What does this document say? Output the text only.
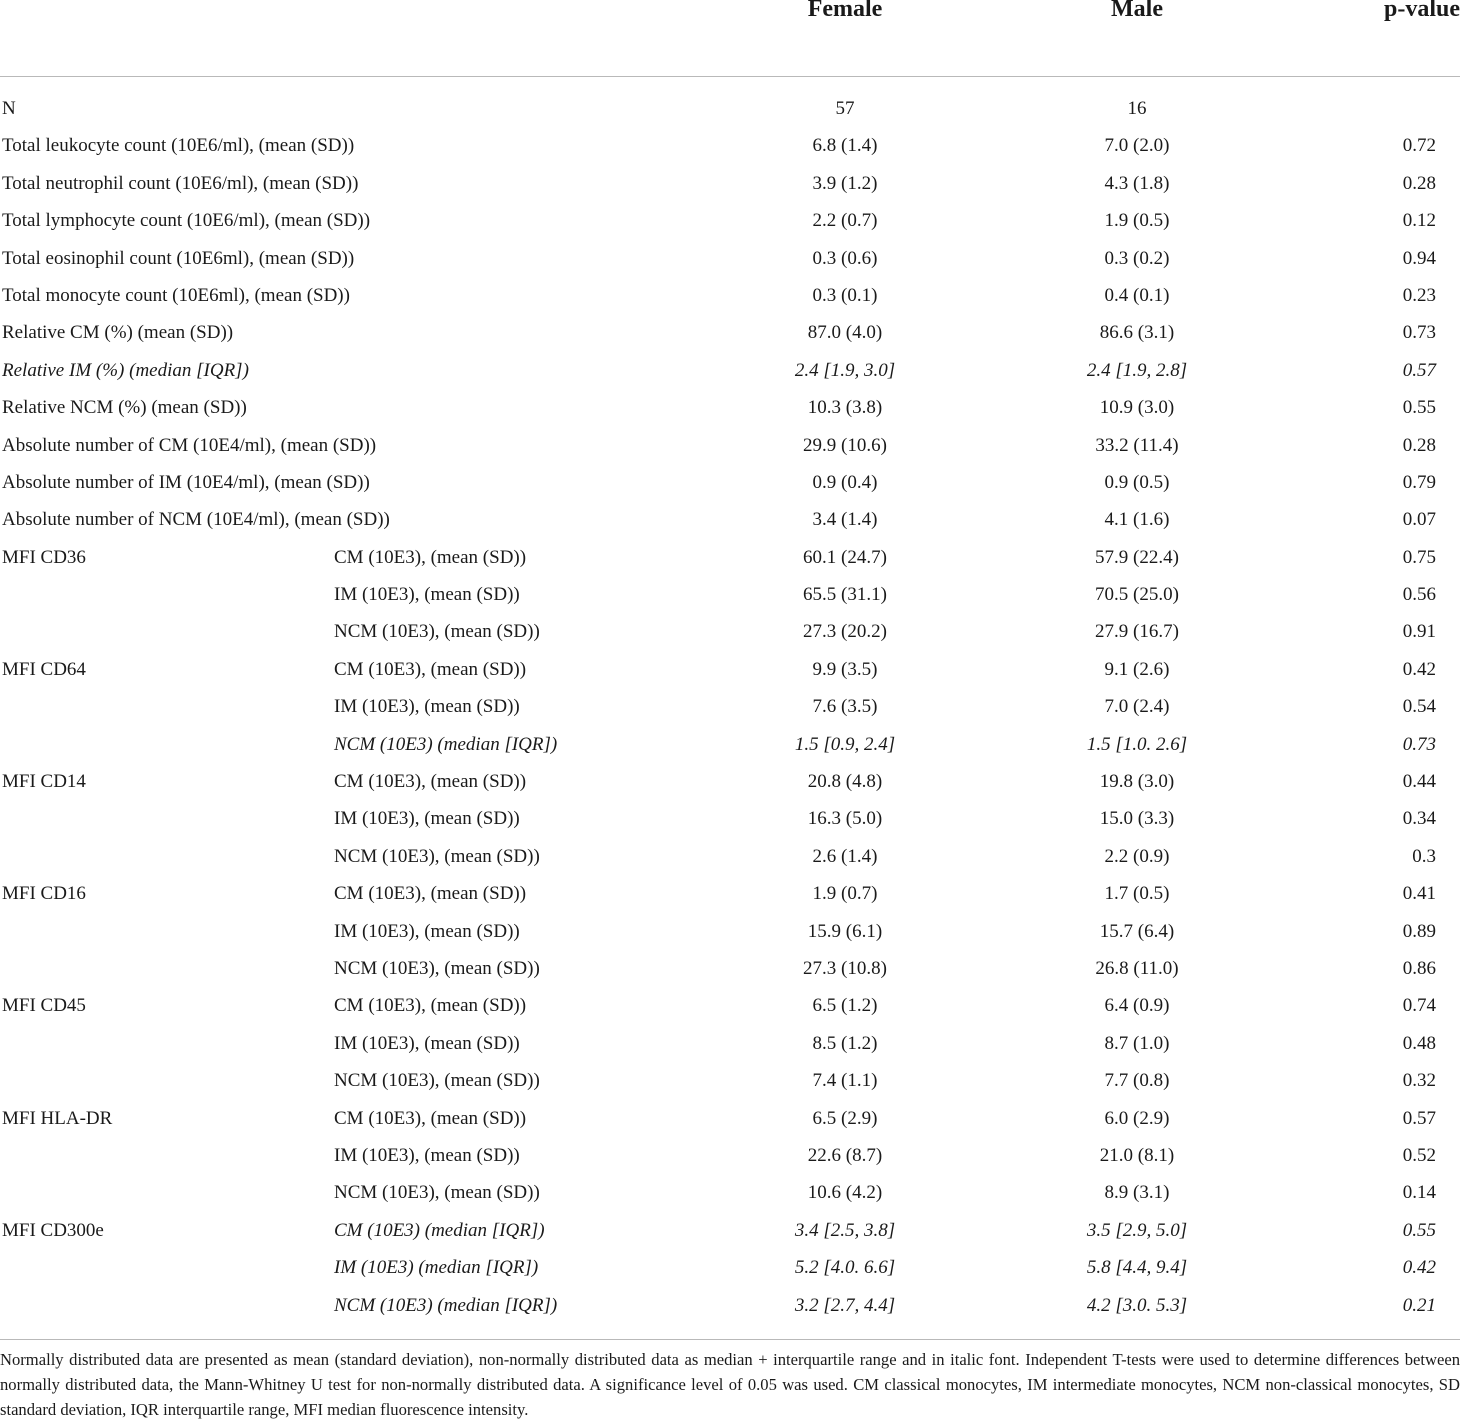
Female	Male	p-value
N	57	16
Total leukocyte count (10E6/ml), (mean (SD))	6.8 (1.4)	7.0 (2.0)	0.72
Total neutrophil count (10E6/ml), (mean (SD))	3.9 (1.2)	4.3 (1.8)	0.28
Total lymphocyte count (10E6/ml), (mean (SD))	2.2 (0.7)	1.9 (0.5)	0.12
Total eosinophil count (10E6ml), (mean (SD))	0.3 (0.6)	0.3 (0.2)	0.94
Total monocyte count (10E6ml), (mean (SD))	0.3 (0.1)	0.4 (0.1)	0.23
Relative CM (%) (mean (SD))	87.0 (4.0)	86.6 (3.1)	0.73
Relative IM (%) (median [IQR])	2.4 [1.9, 3.0]	2.4 [1.9, 2.8]	0.57
Relative NCM (%) (mean (SD))	10.3 (3.8)	10.9 (3.0)	0.55
Absolute number of CM (10E4/ml), (mean (SD))	29.9 (10.6)	33.2 (11.4)	0.28
Absolute number of IM (10E4/ml), (mean (SD))	0.9 (0.4)	0.9 (0.5)	0.79
Absolute number of NCM (10E4/ml), (mean (SD))	3.4 (1.4)	4.1 (1.6)	0.07
MFI CD36	CM (10E3), (mean (SD))	60.1 (24.7)	57.9 (22.4)	0.75
IM (10E3), (mean (SD))	65.5 (31.1)	70.5 (25.0)	0.56
NCM (10E3), (mean (SD))	27.3 (20.2)	27.9 (16.7)	0.91
MFI CD64	CM (10E3), (mean (SD))	9.9 (3.5)	9.1 (2.6)	0.42
IM (10E3), (mean (SD))	7.6 (3.5)	7.0 (2.4)	0.54
NCM (10E3) (median [IQR])	1.5 [0.9, 2.4]	1.5 [1.0. 2.6]	0.73
MFI CD14	CM (10E3), (mean (SD))	20.8 (4.8)	19.8 (3.0)	0.44
IM (10E3), (mean (SD))	16.3 (5.0)	15.0 (3.3)	0.34
NCM (10E3), (mean (SD))	2.6 (1.4)	2.2 (0.9)	0.3
MFI CD16	CM (10E3), (mean (SD))	1.9 (0.7)	1.7 (0.5)	0.41
IM (10E3), (mean (SD))	15.9 (6.1)	15.7 (6.4)	0.89
NCM (10E3), (mean (SD))	27.3 (10.8)	26.8 (11.0)	0.86
MFI CD45	CM (10E3), (mean (SD))	6.5 (1.2)	6.4 (0.9)	0.74
IM (10E3), (mean (SD))	8.5 (1.2)	8.7 (1.0)	0.48
NCM (10E3), (mean (SD))	7.4 (1.1)	7.7 (0.8)	0.32
MFI HLA-DR	CM (10E3), (mean (SD))	6.5 (2.9)	6.0 (2.9)	0.57
IM (10E3), (mean (SD))	22.6 (8.7)	21.0 (8.1)	0.52
NCM (10E3), (mean (SD))	10.6 (4.2)	8.9 (3.1)	0.14
MFI CD300e	CM (10E3) (median [IQR])	3.4 [2.5, 3.8]	3.5 [2.9, 5.0]	0.55
IM (10E3) (median [IQR])	5.2 [4.0. 6.6]	5.8 [4.4, 9.4]	0.42
NCM (10E3) (median [IQR])	3.2 [2.7, 4.4]	4.2 [3.0. 5.3]	0.21
Normally distributed data are presented as mean (standard deviation), non-normally distributed data as median + interquartile range and in italic font. Independent T-tests were used to determine differences between normally distributed data, the Mann-Whitney U test for non-normally distributed data. A significance level of 0.05 was used. CM classical monocytes, IM intermediate monocytes, NCM non-classical monocytes, SD standard deviation, IQR interquartile range, MFI median fluorescence intensity.
